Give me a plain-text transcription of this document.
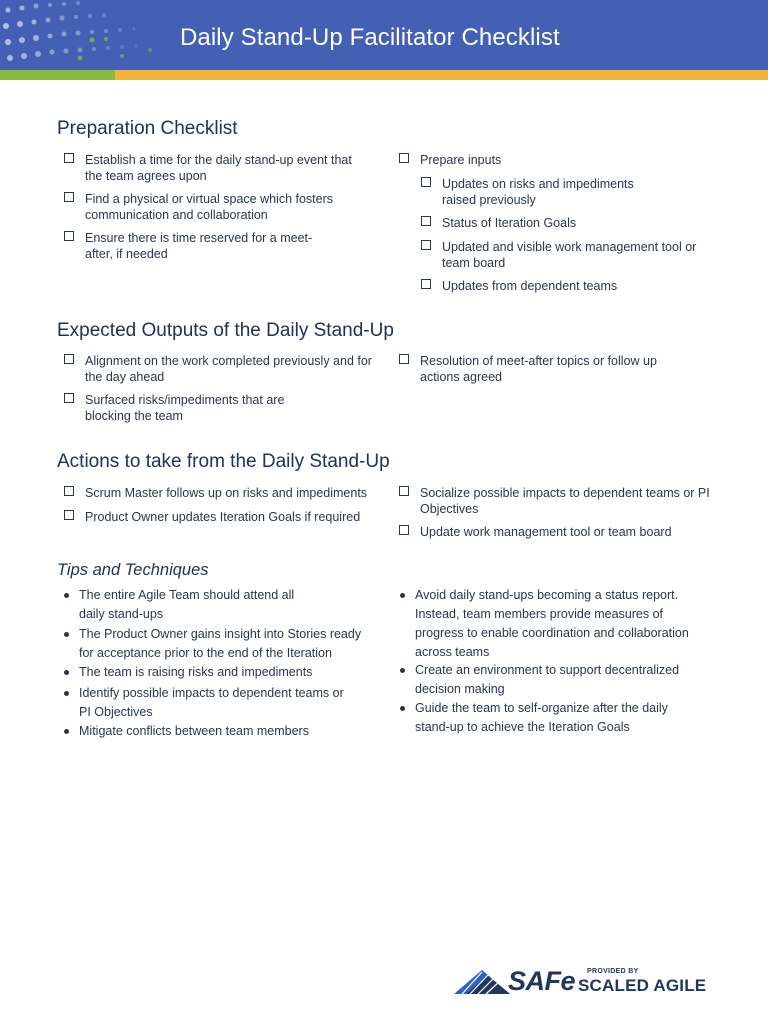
Daily Stand-Up Facilitator Checklist
Preparation Checklist
Establish a time for the daily stand-up event that the team agrees upon
Find a physical or virtual space which fosters communication and collaboration
Ensure there is time reserved for a meet-after, if needed
Prepare inputs
Updates on risks and impediments raised previously
Status of Iteration Goals
Updated and visible work management tool or team board
Updates from dependent teams
Expected Outputs of the Daily Stand-Up
Alignment on the work completed previously and for the day ahead
Surfaced risks/impediments that are blocking the team
Resolution of meet-after topics or follow up actions agreed
Actions to take from the Daily Stand-Up
Scrum Master follows up on risks and impediments
Product Owner updates Iteration Goals if required
Socialize possible impacts to dependent teams or PI Objectives
Update work management tool or team board
Tips and Techniques
The entire Agile Team should attend all daily stand-ups
The Product Owner gains insight into Stories ready for acceptance prior to the end of the Iteration
The team is raising risks and impediments
Identify possible impacts to dependent teams or PI Objectives
Mitigate conflicts between team members
Avoid daily stand-ups becoming a status report. Instead, team members provide measures of progress to enable coordination and collaboration across teams
Create an environment to support decentralized decision making
Guide the team to self-organize after the daily stand-up to achieve the Iteration Goals
SAFe PROVIDED BY
SCALED AGILE
